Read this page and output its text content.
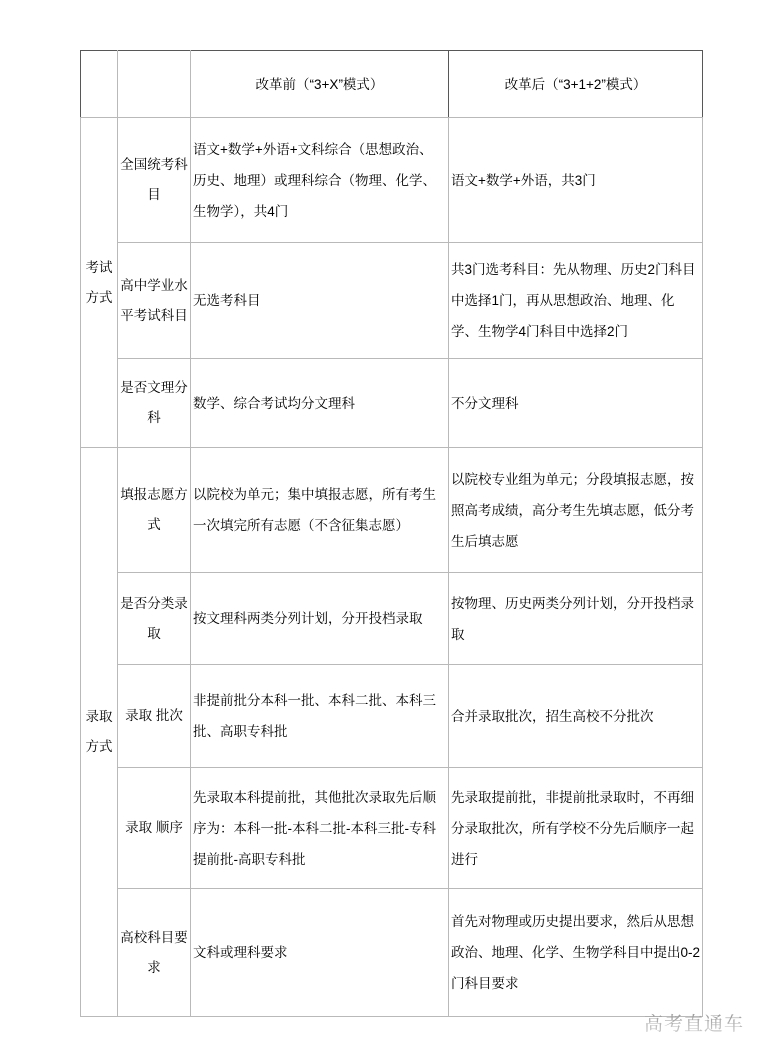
		改革前（“3+X”模式）	改革后（“3+1+2”模式）

考试
方式	全国统考科目	语文+数学+外语+文科综合（思想政治、历史、地理）或理科综合（物理、化学、生物学），共4门	语文+数学+外语，共3门
	高中学业水平考试科目	无选考科目	共3门选考科目：先从物理、历史2门科目中选择1门，再从思想政治、地理、化学、生物学4门科目中选择2门
	是否文理分科	数学、综合考试均分文理科	不分文理科

录取
方式	填报志愿方式	以院校为单元；集中填报志愿，所有考生一次填完所有志愿（不含征集志愿）	以院校专业组为单元；分段填报志愿，按照高考成绩，高分考生先填志愿，低分考生后填志愿
	是否分类录取	按文理科两类分列计划，分开投档录取	按物理、历史两类分列计划，分开投档录取
	录取 批次	非提前批分本科一批、本科二批、本科三批、高职专科批	合并录取批次，招生高校不分批次
	录取 顺序	先录取本科提前批，其他批次录取先后顺序为：本科一批-本科二批-本科三批-专科提前批-高职专科批	先录取提前批，非提前批录取时，不再细分录取批次，所有学校不分先后顺序一起进行
	高校科目要求	文科或理科要求	首先对物理或历史提出要求，然后从思想政治、地理、化学、生物学科目中提出0-2门科目要求
高考直通车
